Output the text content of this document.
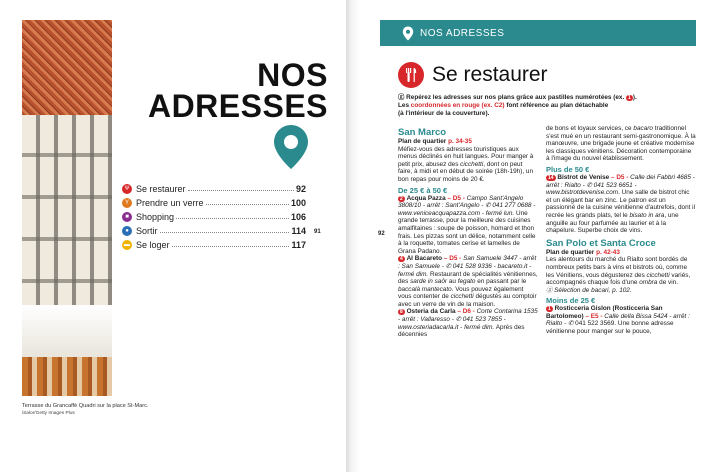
Terrasse du Grancaffè Quadri sur la place St-Marc.
iSalor/Getty Images Plus
NOS
ADRESSES
Ψ Se restaurer	92
Y Prendre un verre	100
■ Shopping	106
● Sortir	114
▬ Se loger	117
91
NOS ADRESSES
Se restaurer
ⓖ Repérez les adresses sur nos plans grâce aux pastilles numérotées (ex. 1 ).
Les coordonnées en rouge (ex. C2) font référence au plan détachable
(à l'intérieur de la couverture).
San Marco
Plan de quartier p. 34-35

Méfiez-vous des adresses touristiques aux menus déclinés en huit langues. Pour manger à petit prix, abusez des cicchetti, dont on peut faire, à midi et en début de soirée (18h-19h), un bon repas pour moins de 20 €.

De 25 € à 50 €

2 Acqua Pazza – D5 - Campo Sant'Angelo 3808/10 - arrêt : Sant'Angelo - ✆ 041 277 0688 - www.veniceacquapazza.com - fermé lun. Une grande terrasse, pour la meilleure des cuisines amalfitaines : soupe de poisson, homard et thon frais. Les pizzas sont un délice, notamment celle à la roquette, tomates cerise et lamelles de Grana Padano.

4 Al Bacareto – D5 - San Samuele 3447 - arrêt : San Samuele - ✆ 041 528 9336 - bacareto.it - fermé dim. Restaurant de spécialités vénitiennes, des sarde in saôr au fegato en passant par le baccalà mantecato. Vous pouvez également vous contenter de cicchetti dégustés au comptoir avec un verre de vin de la maison.

8 Osteria da Carla – D6 - Corte Contarina 1535 - arrêt : Vallaresso - ✆ 041 523 7855 - www.osteriadacarla.it - fermé dim. Après des décennies

de bons et loyaux services, ce bacaro traditionnel s'est mué en un restaurant semi-gastronomique. À la manœuvre, une brigade jeune et créative modernise les classiques vénitiens. Décoration contemporaine à l'image du nouvel établissement.

Plus de 50 €

14 Bistrot de Venise – D5 - Calle dei Fabbri 4685 - arrêt : Rialto - ✆ 041 523 6651 - www.bistrotdevenise.com. Une salle de bistrot chic et un élégant bar en zinc. Le patron est un passionné de la cuisine vénitienne d'autrefois, dont il recrée les grands plats, tel le bisato in ara, une anguille au four parfumée au laurier et à la chapelure. Superbe choix de vins.

San Polo et Santa Croce
Plan de quartier p. 42-43

Les alentours du marché du Rialto sont bordés de nombreux petits bars à vins et bistrots où, comme les Vénitiens, vous dégusterez des cicchetti variés, accompagnés chaque fois d'une ombra de vin.

ⓖ Sélection de bacari, p. 102.

Moins de 25 €

1 Rosticceria Gislon (Rosticceria San Bartolomeo) – E5 - Calle della Bissa 5424 - arrêt : Rialto - ✆ 041 522 3569. Une bonne adresse vénitienne pour manger sur le pouce,

92
